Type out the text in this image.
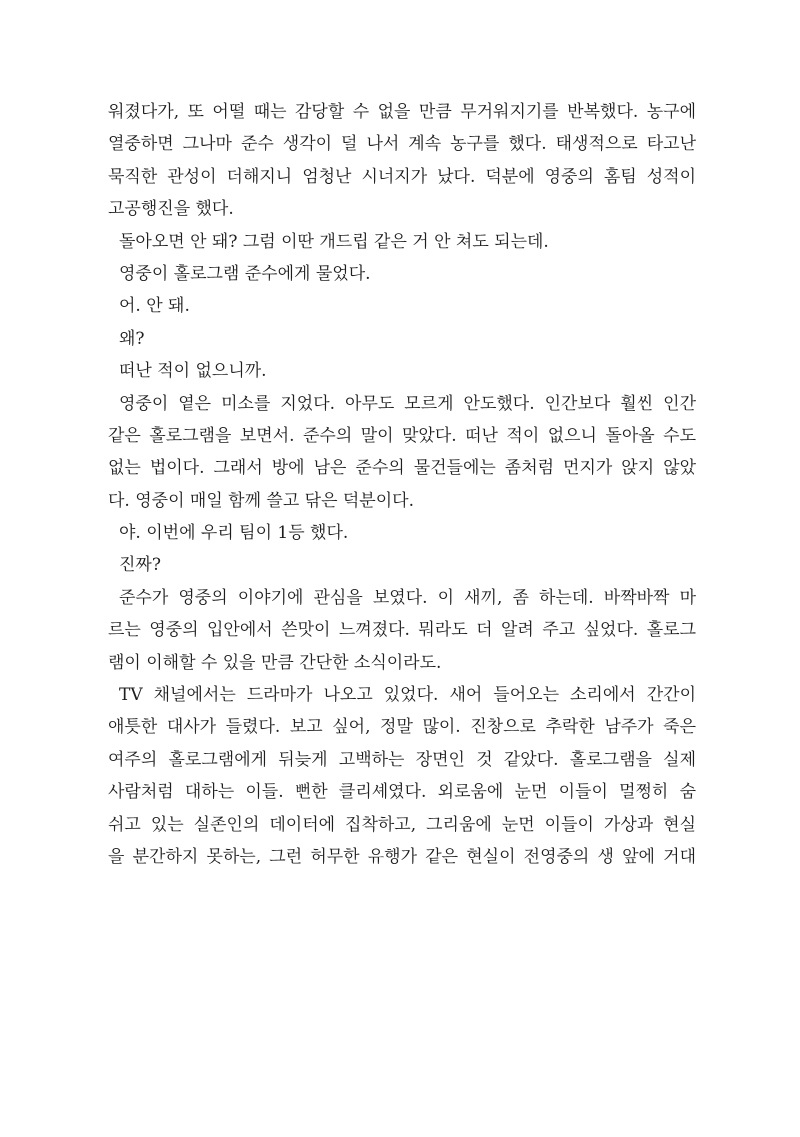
워졌다가, 또 어떨 때는 감당할 수 없을 만큼 무거워지기를 반복했다. 농구에
열중하면 그나마 준수 생각이 덜 나서 계속 농구를 했다. 태생적으로 타고난
묵직한 관성이 더해지니 엄청난 시너지가 났다. 덕분에 영중의 홈팀 성적이
고공행진을 했다.
돌아오면 안 돼? 그럼 이딴 개드립 같은 거 안 쳐도 되는데.
영중이 홀로그램 준수에게 물었다.
어. 안 돼.
왜?
떠난 적이 없으니까.
영중이 옅은 미소를 지었다. 아무도 모르게 안도했다. 인간보다 훨씬 인간
같은 홀로그램을 보면서. 준수의 말이 맞았다. 떠난 적이 없으니 돌아올 수도
없는 법이다. 그래서 방에 남은 준수의 물건들에는 좀처럼 먼지가 앉지 않았
다. 영중이 매일 함께 쓸고 닦은 덕분이다.
야. 이번에 우리 팀이 1등 했다.
진짜?
준수가 영중의 이야기에 관심을 보였다. 이 새끼, 좀 하는데. 바짝바짝 마
르는 영중의 입안에서 쓴맛이 느껴졌다. 뭐라도 더 알려 주고 싶었다. 홀로그
램이 이해할 수 있을 만큼 간단한 소식이라도.
TV 채널에서는 드라마가 나오고 있었다. 새어 들어오는 소리에서 간간이
애틋한 대사가 들렸다. 보고 싶어, 정말 많이. 진창으로 추락한 남주가 죽은
여주의 홀로그램에게 뒤늦게 고백하는 장면인 것 같았다. 홀로그램을 실제
사람처럼 대하는 이들. 뻔한 클리셰였다. 외로움에 눈먼 이들이 멀쩡히 숨
쉬고 있는 실존인의 데이터에 집착하고, 그리움에 눈먼 이들이 가상과 현실
을 분간하지 못하는, 그런 허무한 유행가 같은 현실이 전영중의 생 앞에 거대
